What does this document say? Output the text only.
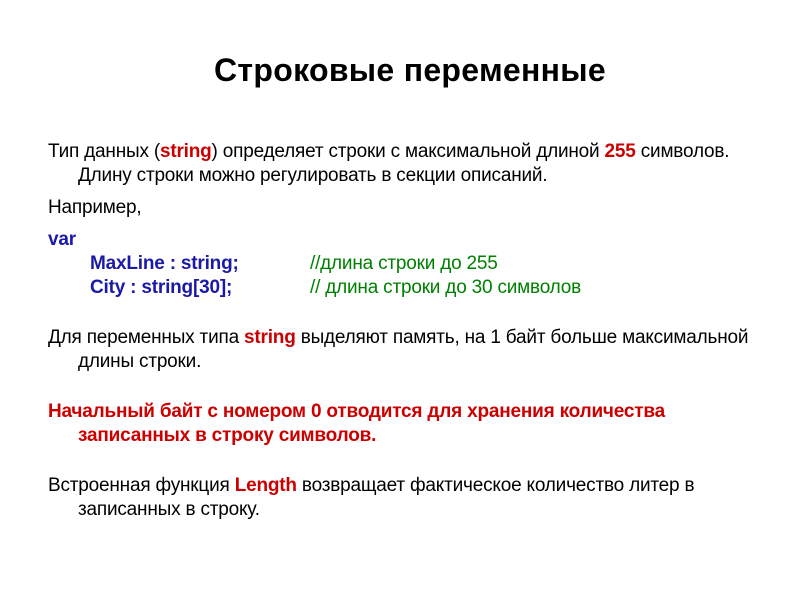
Строковые переменные

Тип данных (string) определяет строки с максимальной длиной 255 символов. Длину строки можно регулировать в секции описаний.

Например,

var

MaxLine : string;	//длина строки до 255
City : string[30];	// длина строки до 30 символов

Для переменных типа string выделяют память, на 1 байт больше максимальной длины строки.

Начальный байт с номером 0 отводится для хранения количества записанных в строку символов.

Встроенная функция Length возвращает фактическое количество литер в записанных в строку.
